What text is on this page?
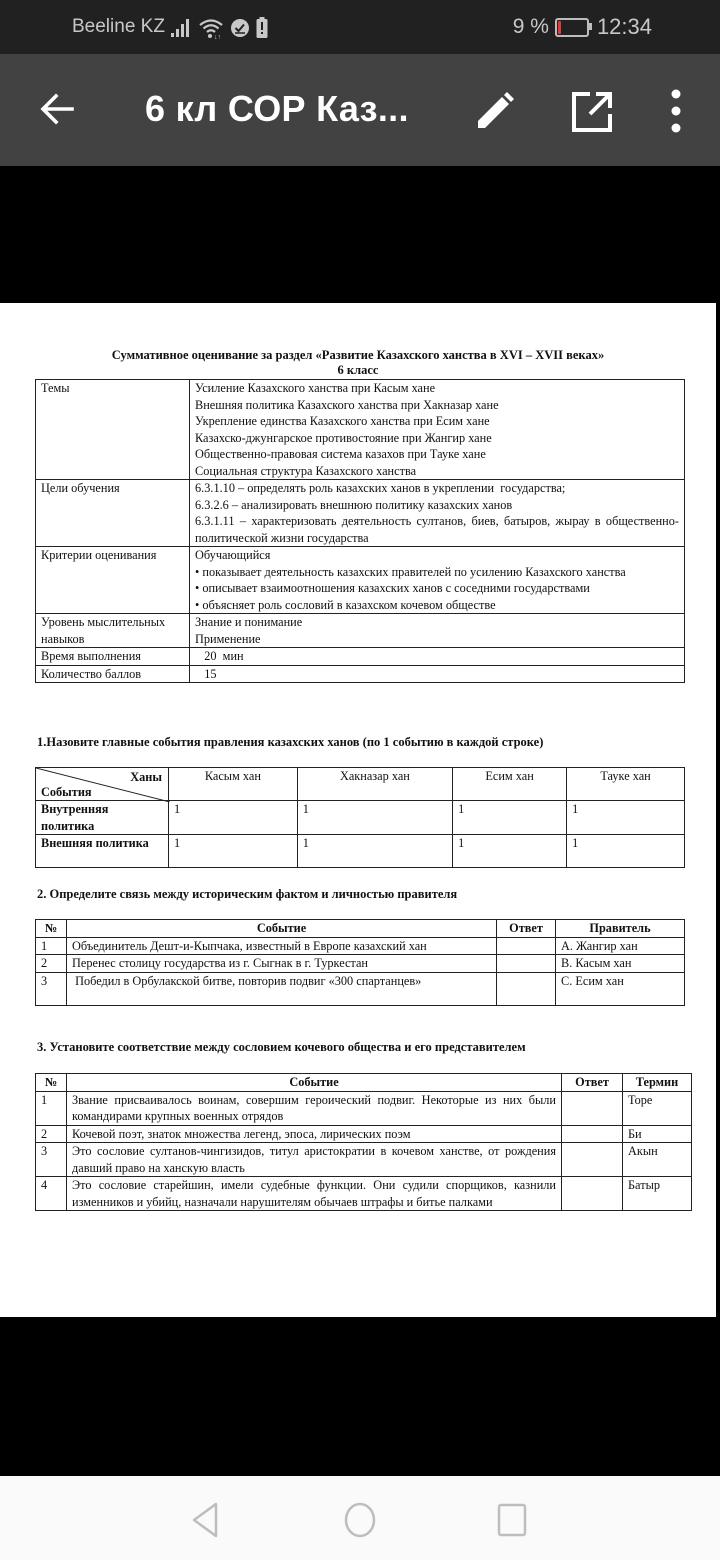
Beeline KZ
↓↑	9 % 12:34
6 кл СОР Каз...
Суммативное оценивание за раздел «Развитие Казахского ханства в XVI – XVII веках»
6 класс
Темы	Усиление Казахского ханства при Касым хане
Внешняя политика Казахского ханства при Хакназар хане
Укрепление единства Казахского ханства при Есим хане
Казахско-джунгарское противостояние при Жангир хане
Общественно-правовая система казахов при Тауке хане
Социальная структура Казахского ханства

Цели обучения	6.3.1.10 – определять роль казахских ханов в укреплении  государства;
6.3.2.6 – анализировать внешнюю политику казахских ханов
6.3.1.11 – характеризовать деятельность султанов, биев, батыров, жырау в общественно-политической жизни государства

Критерии оценивания	Обучающийся
• показывает деятельность казахских правителей по усилению Казахского ханства
• описывает взаимоотношения казахских ханов с соседними государствами
• объясняет роль сословий в казахском кочевом обществе

Уровень мыслительных навыков	Знание и понимание
Применение

Время выполнения	20  мин

Количество баллов	15
1.Назовите главные события правления казахских ханов (по 1 событию в каждой строке)
Ханы
События	Касым хан	Хакназар хан	Есим хан	Тауке хан
Внутренняя политика	1	1	1	1
Внешняя политика	1	1	1	1
2. Определите связь между историческим фактом и личностью правителя
№	Событие	Ответ	Правитель
1	Объединитель Дешт-и-Кыпчака, известный в Европе казахский хан		А. Жангир хан
2	Перенес столицу государства из г. Сыгнак в г. Туркестан		В. Касым хан
3	Победил в Орбулакской битве, повторив подвиг «300 спартанцев»		С. Есим хан
3. Установите соответствие между сословием кочевого общества и его представителем
№	Событие	Ответ	Термин
1	Звание присваивалось воинам, совершим героический подвиг. Некоторые из них были командирами крупных военных отрядов		Торе
2	Кочевой поэт, знаток множества легенд, эпоса, лирических поэм		Би
3	Это сословие султанов-чингизидов, титул аристократии в кочевом ханстве, от рождения давший право на ханскую власть		Акын
4	Это сословие старейшин, имели судебные функции. Они судили спорщиков, казнили изменников и убийц, назначали нарушителям обычаев штрафы и битье палками		Батыр
